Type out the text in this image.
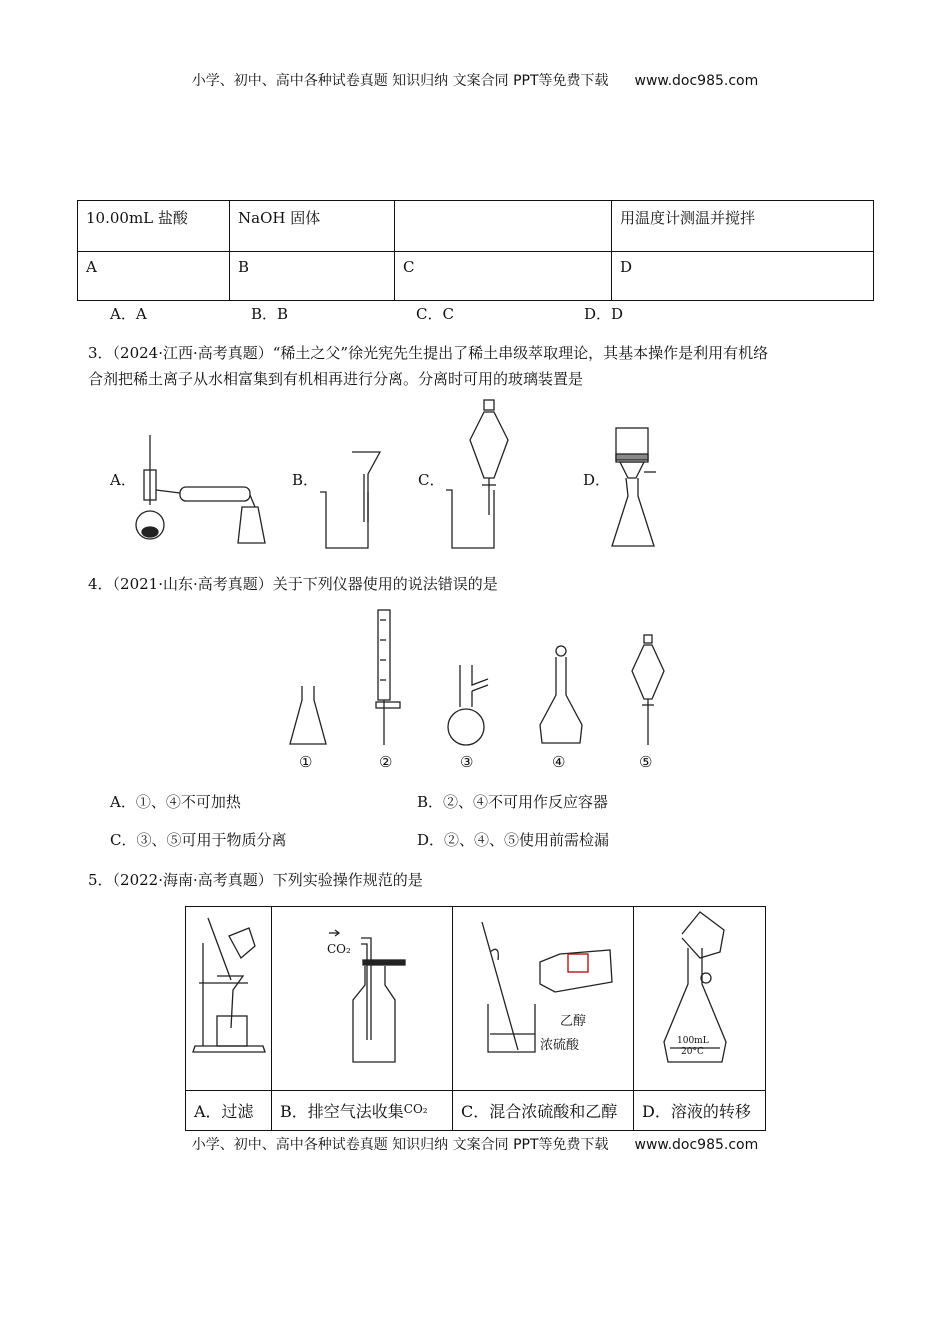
小学、初中、高中各种试卷真题 知识归纳 文案合同 PPT等免费下载 www.doc985.com
10.00mL 盐酸	NaOH 固体		用温度计测温并搅拌
A	B	C	D
A．A	B．B	C．C	D．D
3．（2024·江西·高考真题）“稀土之父”徐光宪先生提出了稀土串级萃取理论，其基本操作是利用有机络
合剂把稀土离子从水相富集到有机相再进行分离。分离时可用的玻璃装置是
A．	B．	C．	D．
4．（2021·山东·高考真题）关于下列仪器使用的说法错误的是
①	②	③	④	⑤
A．①、④不可加热	B．②、④不可用作反应容器
C．③、⑤可用于物质分离	D．②、④、⑤使用前需检漏
5．（2022·海南·高考真题）下列实验操作规范的是

A．过滤	B．排空气法收集$^{CO_2}$	C．混合浓硫酸和乙醇	D．溶液的转移
CO₂
乙醇
浓硫酸	100mL
20°C
小学、初中、高中各种试卷真题 知识归纳 文案合同 PPT等免费下载 www.doc985.com
